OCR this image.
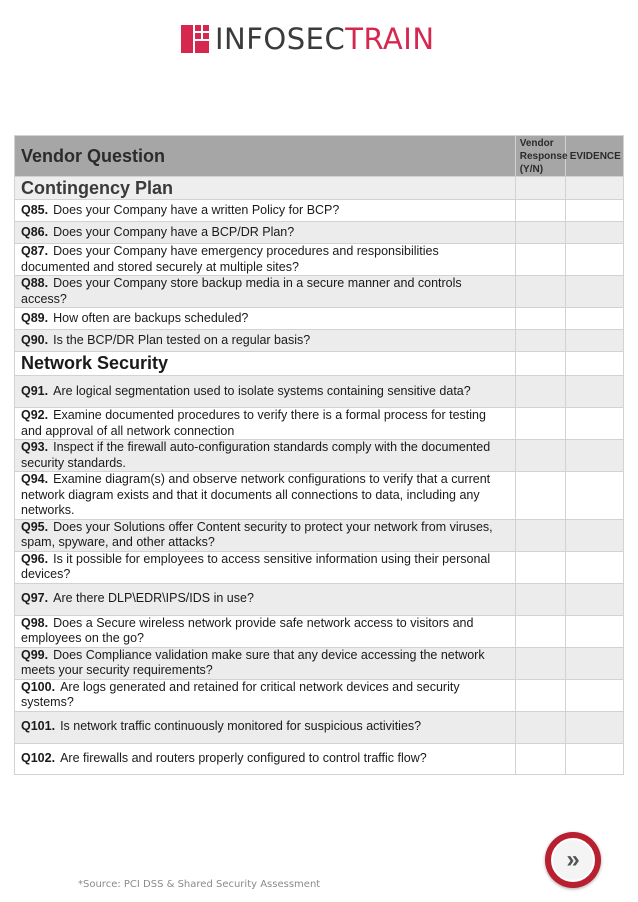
INFOSECTRAIN
Vendor Question	Vendor Response (Y/N)	EVIDENCE
Contingency Plan		
Q85. Does your Company have a written Policy for BCP?		
Q86. Does your Company have a BCP/DR Plan?		
Q87. Does your Company have emergency procedures and responsibilities documented and stored securely at multiple sites?		
Q88. Does your Company store backup media in a secure manner and controls access?		
Q89. How often are backups scheduled?		
Q90. Is the BCP/DR Plan tested on a regular basis?		
Network Security		
Q91. Are logical segmentation used to isolate systems containing sensitive data?		
Q92. Examine documented procedures to verify there is a formal process for testing and approval of all network connection		
Q93. Inspect if the firewall auto-configuration standards comply with the documented security standards.		
Q94. Examine diagram(s) and observe network configurations to verify that a current network diagram exists and that it documents all connections to data, including any networks.		
Q95. Does your Solutions offer Content security to protect your network from viruses, spam, spyware, and other attacks?		
Q96. Is it possible for employees to access sensitive information using their personal devices?		
Q97. Are there DLP\EDR\IPS/IDS in use?		
Q98. Does a Secure wireless network provide safe network access to visitors and employees on the go?		
Q99. Does Compliance validation make sure that any device accessing the network meets your security requirements?		
Q100. Are logs generated and retained for critical network devices and security systems?		
Q101. Is network traffic continuously monitored for suspicious activities?		
Q102. Are firewalls and routers properly configured to control traffic flow?		
»
*Source: PCI DSS & Shared Security Assessment
